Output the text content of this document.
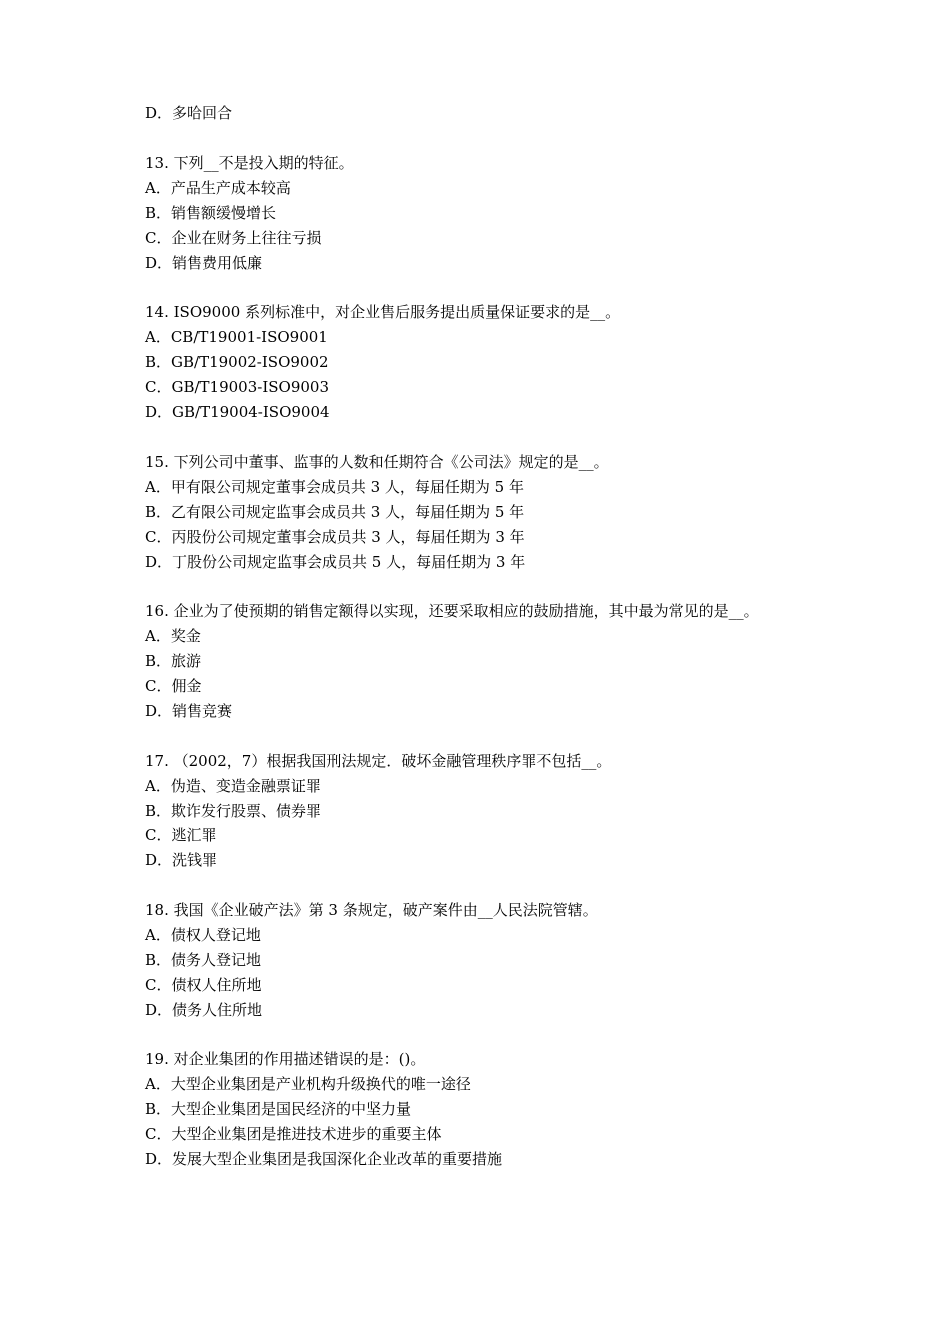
D．多哈回合
13. 下列__不是投入期的特征。
A．产品生产成本较高
B．销售额缓慢增长
C．企业在财务上往往亏损
D．销售费用低廉
14. ISO9000 系列标准中，对企业售后服务提出质量保证要求的是__。
A．CB/T19001-ISO9001
B．GB/T19002-ISO9002
C．GB/T19003-ISO9003
D．GB/T19004-ISO9004
15. 下列公司中董事、监事的人数和任期符合《公司法》规定的是__。
A．甲有限公司规定董事会成员共 3 人，每届任期为 5 年
B．乙有限公司规定监事会成员共 3 人，每届任期为 5 年
C．丙股份公司规定董事会成员共 3 人，每届任期为 3 年
D．丁股份公司规定监事会成员共 5 人，每届任期为 3 年
16. 企业为了使预期的销售定额得以实现，还要采取相应的鼓励措施，其中最为常见的是__。
A．奖金
B．旅游
C．佣金
D．销售竞赛
17. （2002，7）根据我国刑法规定．破坏金融管理秩序罪不包括__。
A．伪造、变造金融票证罪
B．欺诈发行股票、债券罪
C．逃汇罪
D．洗钱罪
18. 我国《企业破产法》第 3 条规定，破产案件由__人民法院管辖。
A．债权人登记地
B．债务人登记地
C．债权人住所地
D．债务人住所地
19. 对企业集团的作用描述错误的是：()。
A．大型企业集团是产业机构升级换代的唯一途径
B．大型企业集团是国民经济的中坚力量
C．大型企业集团是推进技术进步的重要主体
D．发展大型企业集团是我国深化企业改革的重要措施
